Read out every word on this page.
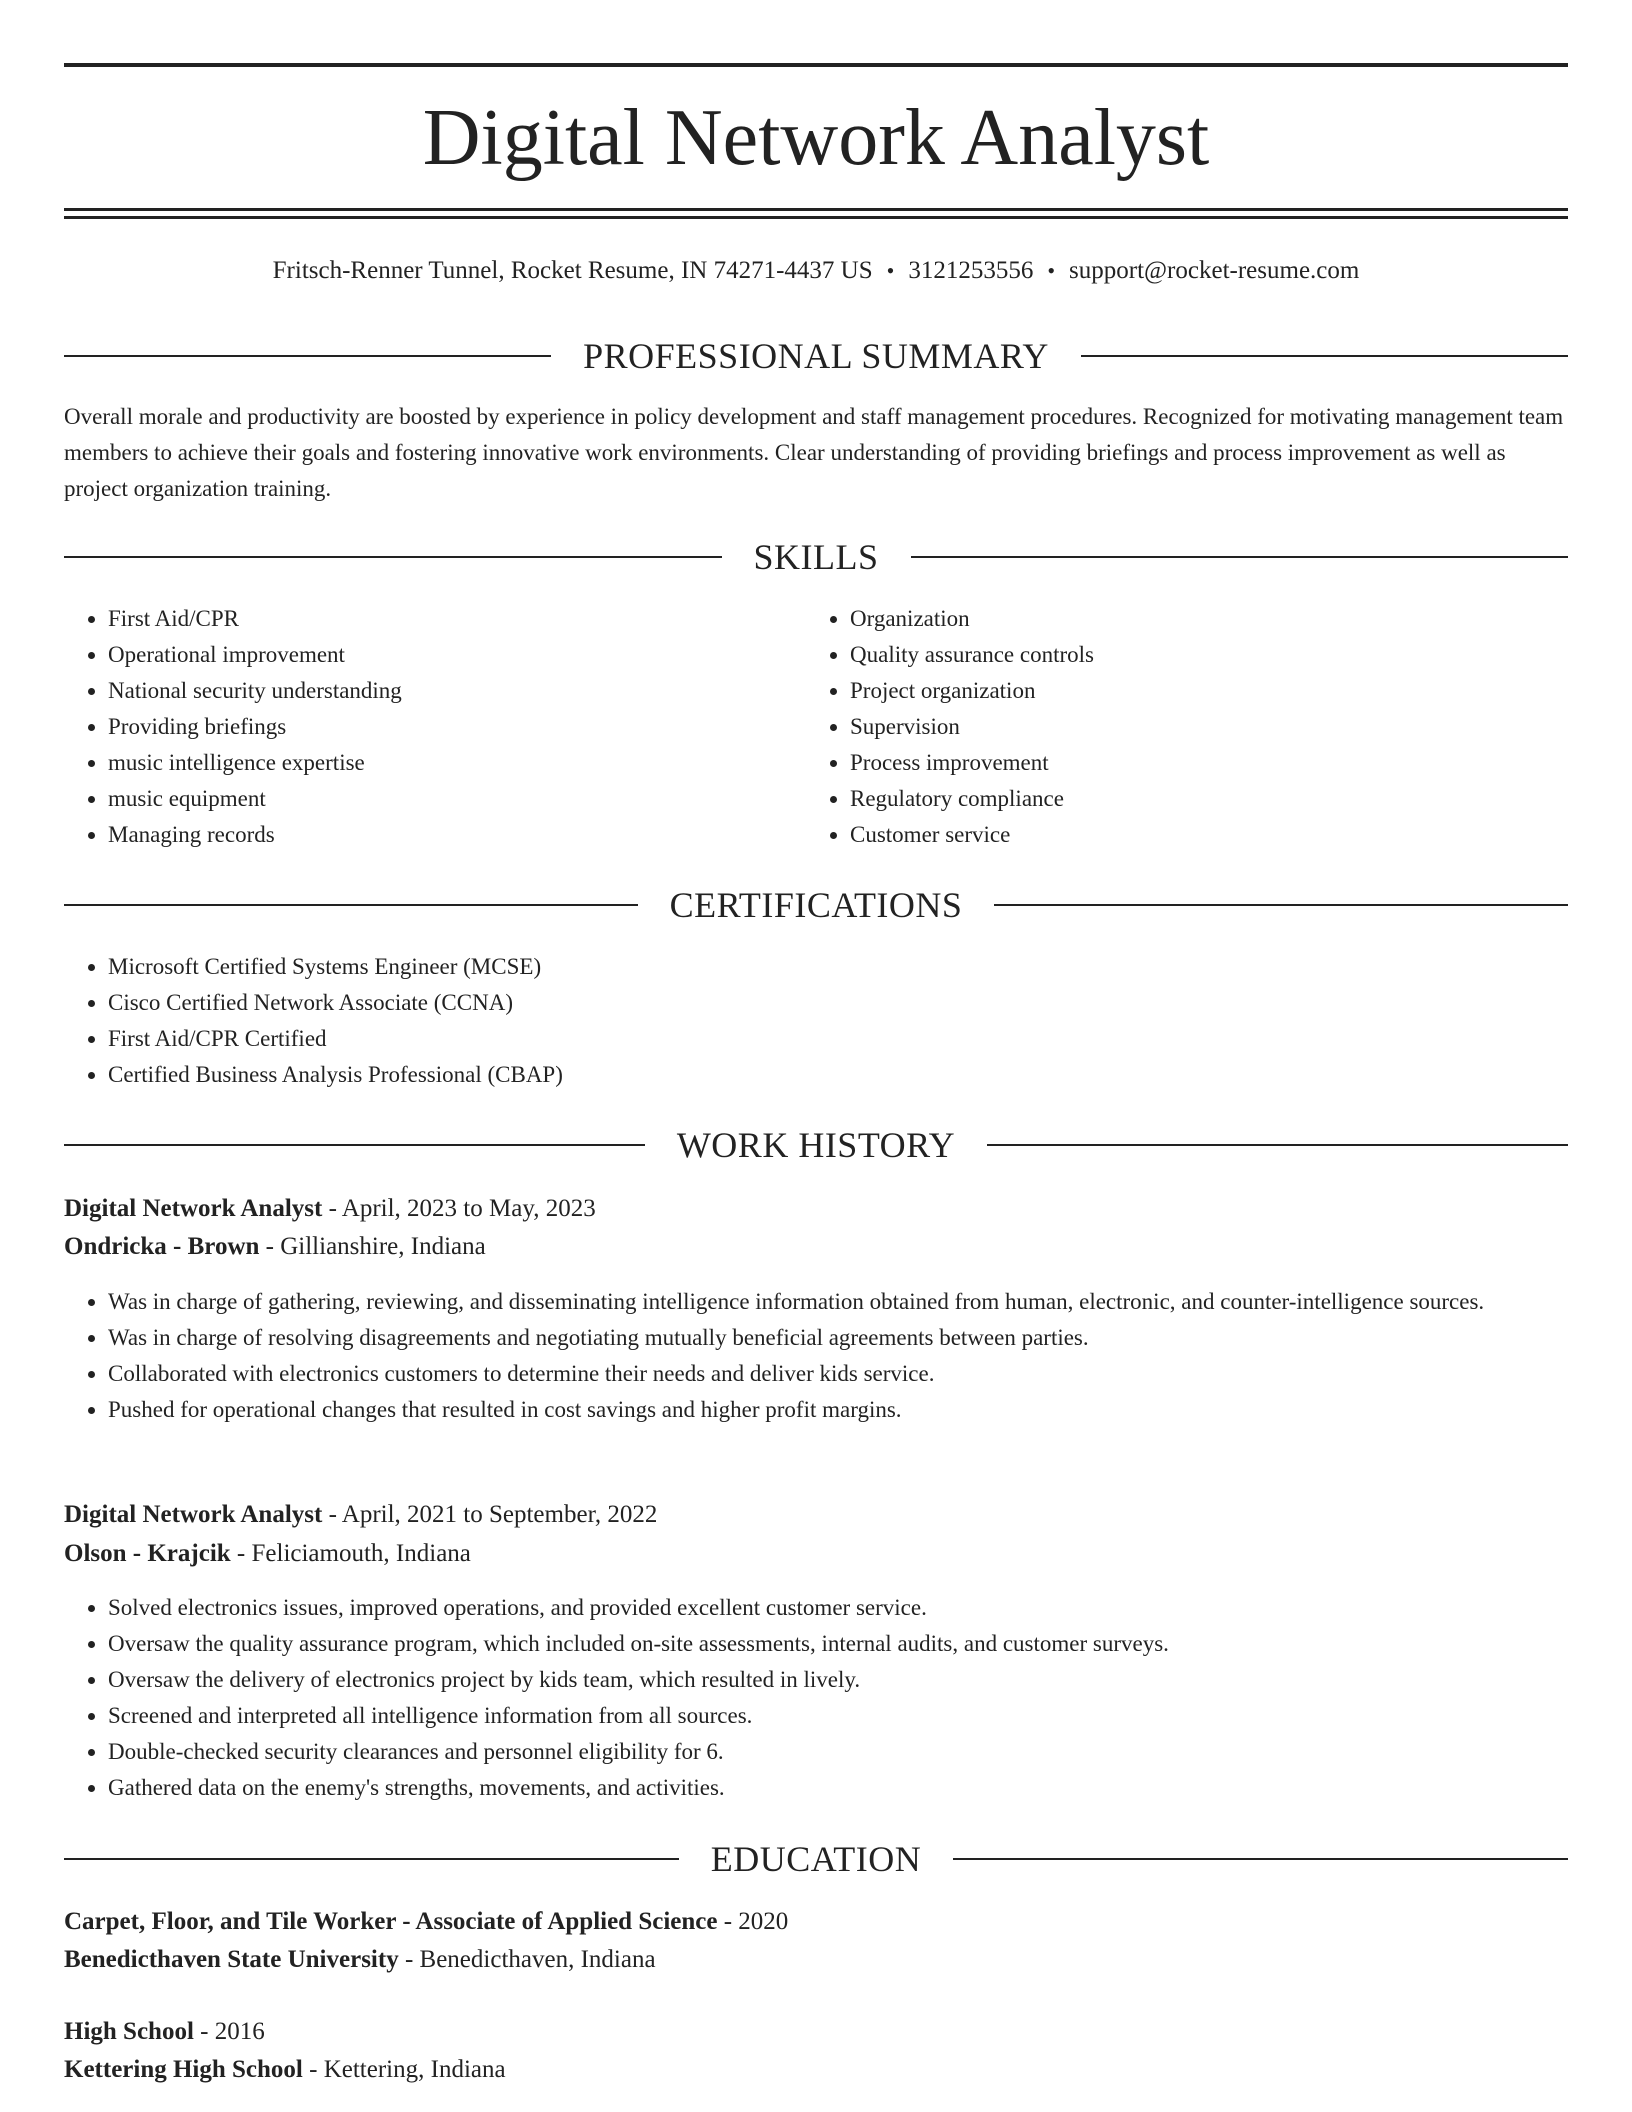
Digital Network Analyst
Fritsch-Renner Tunnel, Rocket Resume, IN 74271-4437 US • 3121253556 • support@rocket-resume.com
PROFESSIONAL SUMMARY
Overall morale and productivity are boosted by experience in policy development and staff management procedures. Recognized for motivating management team members to achieve their goals and fostering innovative work environments. Clear understanding of providing briefings and process improvement as well as project organization training.
SKILLS
• First Aid/CPR
• Operational improvement
• National security understanding
• Providing briefings
• music intelligence expertise
• music equipment
• Managing records
• Organization
• Quality assurance controls
• Project organization
• Supervision
• Process improvement
• Regulatory compliance
• Customer service
CERTIFICATIONS
• Microsoft Certified Systems Engineer (MCSE)
• Cisco Certified Network Associate (CCNA)
• First Aid/CPR Certified
• Certified Business Analysis Professional (CBAP)
WORK HISTORY
Digital Network Analyst - April, 2023 to May, 2023
Ondricka - Brown - Gillianshire, Indiana
• Was in charge of gathering, reviewing, and disseminating intelligence information obtained from human, electronic, and counter-intelligence sources.
• Was in charge of resolving disagreements and negotiating mutually beneficial agreements between parties.
• Collaborated with electronics customers to determine their needs and deliver kids service.
• Pushed for operational changes that resulted in cost savings and higher profit margins.
Digital Network Analyst - April, 2021 to September, 2022
Olson - Krajcik - Feliciamouth, Indiana
• Solved electronics issues, improved operations, and provided excellent customer service.
• Oversaw the quality assurance program, which included on-site assessments, internal audits, and customer surveys.
• Oversaw the delivery of electronics project by kids team, which resulted in lively.
• Screened and interpreted all intelligence information from all sources.
• Double-checked security clearances and personnel eligibility for 6.
• Gathered data on the enemy's strengths, movements, and activities.
EDUCATION
Carpet, Floor, and Tile Worker - Associate of Applied Science - 2020
Benedicthaven State University - Benedicthaven, Indiana
High School - 2016
Kettering High School - Kettering, Indiana
